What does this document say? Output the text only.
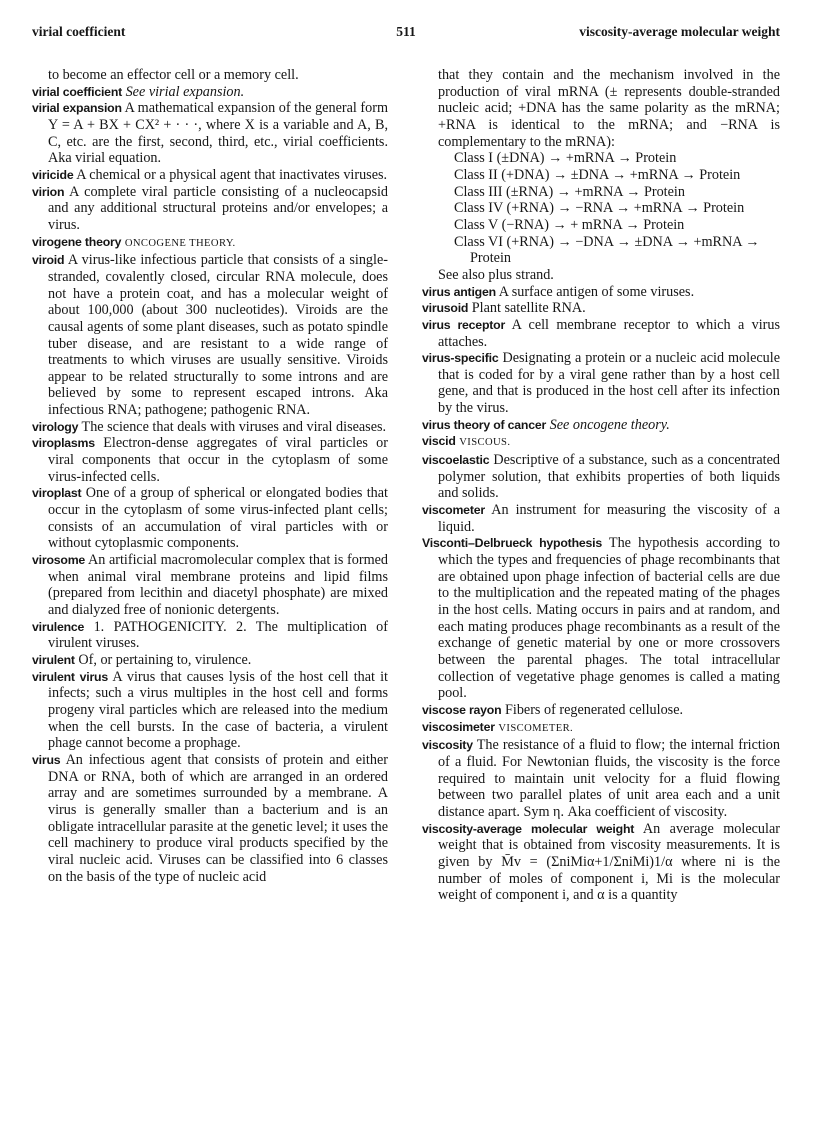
virial coefficient	511	viscosity-average molecular weight

to become an effector cell or a memory cell.

virial coefficient See virial expansion.

virial expansion A mathematical expansion of the general form Y = A + BX + CX² + · · ·, where X is a variable and A, B, C, etc. are the first, second, third, etc., virial coefficients. Aka virial equation.

viricide A chemical or a physical agent that inactivates viruses.

virion A complete viral particle consisting of a nucleocapsid and any additional structural proteins and/or envelopes; a virus.

virogene theory ONCOGENE THEORY.

viroid A virus-like infectious particle that consists of a single-stranded, covalently closed, circular RNA molecule, does not have a protein coat, and has a molecular weight of about 100,000 (about 300 nucleotides). Viroids are the causal agents of some plant diseases, such as potato spindle tuber disease, and are resistant to a wide range of treatments to which viruses are usually sensitive. Viroids appear to be related structurally to some introns and are believed by some to represent escaped introns. Aka infectious RNA; pathogene; pathogenic RNA.

virology The science that deals with viruses and viral diseases.

viroplasms Electron-dense aggregates of viral particles or viral components that occur in the cytoplasm of some virus-infected cells.

viroplast One of a group of spherical or elongated bodies that occur in the cytoplasm of some virus-infected plant cells; consists of an accumulation of viral particles with or without cytoplasmic components.

virosome An artificial macromolecular complex that is formed when animal viral membrane proteins and lipid films (prepared from lecithin and diacetyl phosphate) are mixed and dialyzed free of nonionic detergents.

virulence 1. PATHOGENICITY. 2. The multiplication of virulent viruses.

virulent Of, or pertaining to, virulence.

virulent virus A virus that causes lysis of the host cell that it infects; such a virus multiples in the host cell and forms progeny viral particles which are released into the medium when the cell bursts. In the case of bacteria, a virulent phage cannot become a prophage.

virus An infectious agent that consists of protein and either DNA or RNA, both of which are arranged in an ordered array and are sometimes surrounded by a membrane. A virus is generally smaller than a bacterium and is an obligate intracellular parasite at the genetic level; it uses the cell machinery to produce viral products specified by the viral nucleic acid. Viruses can be classified into 6 classes on the basis of the type of nucleic acid

that they contain and the mechanism involved in the production of viral mRNA (± represents double-stranded nucleic acid; +DNA has the same polarity as the mRNA; +RNA is identical to the mRNA; and −RNA is complementary to the mRNA):

Class I (±DNA) → +mRNA → Protein

Class II (+DNA) → ±DNA → +mRNA → Protein

Class III (±RNA) → +mRNA → Protein

Class IV (+RNA) → −RNA → +mRNA → Protein

Class V (−RNA) → + mRNA → Protein

Class VI (+RNA) → −DNA → ±DNA → +mRNA → Protein

See also plus strand.

virus antigen A surface antigen of some viruses.

virusoid Plant satellite RNA.

virus receptor A cell membrane receptor to which a virus attaches.

virus-specific Designating a protein or a nucleic acid molecule that is coded for by a viral gene rather than by a host cell gene, and that is produced in the host cell after its infection by the virus.

virus theory of cancer See oncogene theory.

viscid VISCOUS.

viscoelastic Descriptive of a substance, such as a concentrated polymer solution, that exhibits properties of both liquids and solids.

viscometer An instrument for measuring the viscosity of a liquid.

Visconti–Delbrueck hypothesis The hypothesis according to which the types and frequencies of phage recombinants that are obtained upon phage infection of bacterial cells are due to the multiplication and the repeated mating of the phages in the host cells. Mating occurs in pairs and at random, and each mating produces phage recombinants as a result of the exchange of genetic material by one or more crossovers between the parental phages. The total intracellular collection of vegetative phage genomes is called a mating pool.

viscose rayon Fibers of regenerated cellulose.

viscosimeter VISCOMETER.

viscosity The resistance of a fluid to flow; the internal friction of a fluid. For Newtonian fluids, the viscosity is the force required to maintain unit velocity for a fluid flowing between two parallel plates of unit area each and a unit distance apart. Sym η. Aka coefficient of viscosity.

viscosity-average molecular weight An average molecular weight that is obtained from viscosity measurements. It is given by M̄v = (ΣniMiα+1/ΣniMi)1/α where ni is the number of moles of component i, Mi is the molecular weight of component i, and α is a quantity
